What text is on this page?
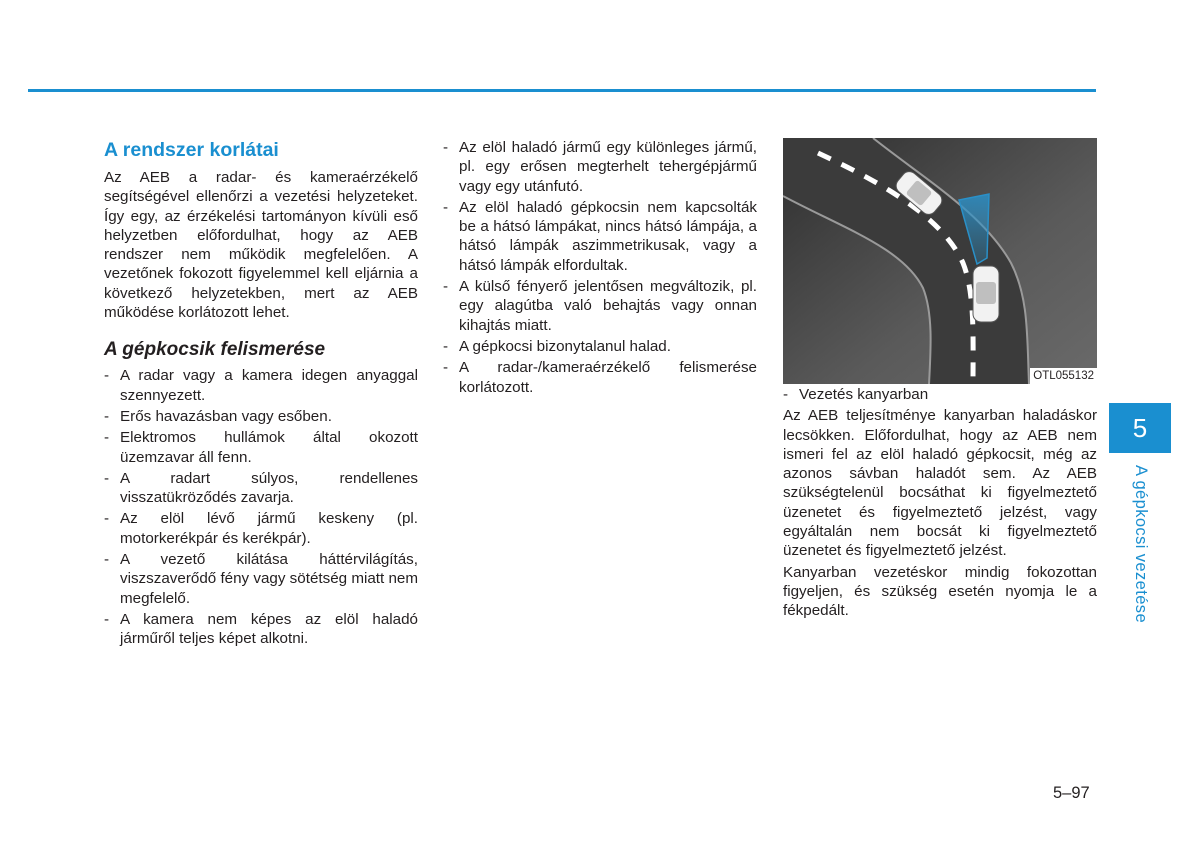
A rendszer korlátai

Az AEB a radar- és kameraérzékelő segítségével ellenőrzi a vezetési helyzeteket. Így egy, az érzékelési tartományon kívüli eső helyzetben előfordulhat, hogy az AEB rendszer nem működik megfelelően. A vezetőnek fokozott figyelemmel kell eljárnia a következő helyzetekben, mert az AEB működése korlátozott lehet.

A gépkocsik felismerése
- A radar vagy a kamera idegen anyaggal szennyezett.
- Erős havazásban vagy esőben.
- Elektromos hullámok által okozott üzemzavar áll fenn.
- A radart súlyos, rendellenes visszatükröződés zavarja.
- Az elöl lévő jármű keskeny (pl. motorkerékpár és kerékpár).
- A vezető kilátása háttérvilágítás, viszszaverődő fény vagy sötétség miatt nem megfelelő.
- A kamera nem képes az elöl haladó járműről teljes képet alkotni.
- Az elöl haladó jármű egy különleges jármű, pl. egy erősen megterhelt tehergépjármű vagy egy utánfutó.
- Az elöl haladó gépkocsin nem kapcsolták be a hátsó lámpákat, nincs hátsó lámpája, a hátsó lámpák aszimmetrikusak, vagy a hátsó lámpák elfordultak.
- A külső fényerő jelentősen megváltozik, pl. egy alagútba való behajtás vagy onnan kihajtás miatt.
- A gépkocsi bizonytalanul halad.
- A radar-/kameraérzékelő felismerése korlátozott.
OTL055132
- Vezetés kanyarban

Az AEB teljesítménye kanyarban haladáskor lecsökken. Előfordulhat, hogy az AEB nem ismeri fel az elöl haladó gépkocsit, még az azonos sávban haladót sem. Az AEB szükségtelenül bocsáthat ki figyelmeztető üzenetet és figyelmeztető jelzést, vagy egyáltalán nem bocsát ki figyelmeztető üzenetet és figyelmeztető jelzést.

Kanyarban vezetéskor mindig fokozottan figyeljen, és szükség esetén nyomja le a fékpedált.

5
A gépkocsi vezetése
5–97
